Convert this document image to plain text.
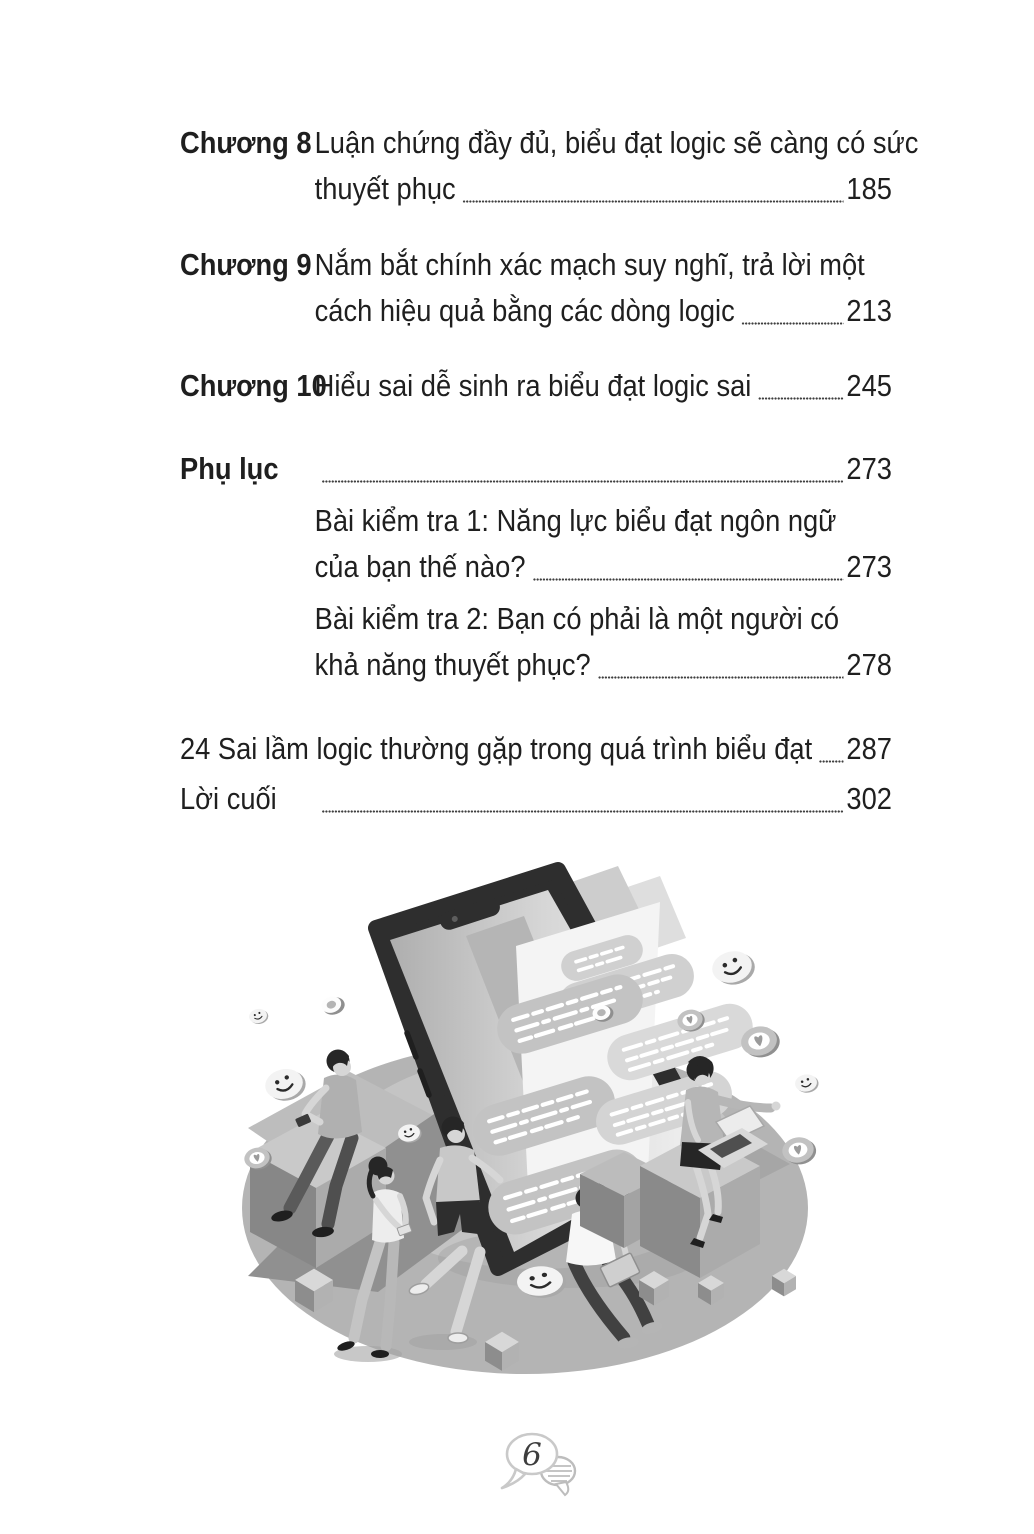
Chương 8 Luận chứng đầy đủ, biểu đạt logic sẽ càng có sức
thuyết phục	185
Chương 9 Nắm bắt chính xác mạch suy nghĩ, trả lời một
cách hiệu quả bằng các dòng logic	213
Chương 10
Hiểu sai dễ sinh ra biểu đạt logic sai	245
Phụ lục	273
Bài kiểm tra 1: Năng lực biểu đạt ngôn ngữ
của bạn thế nào?	273
Bài kiểm tra 2: Bạn có phải là một người có
khả năng thuyết phục?	278
24 Sai lầm logic thường gặp trong quá trình biểu đạt 287
Lời cuối	302
6
